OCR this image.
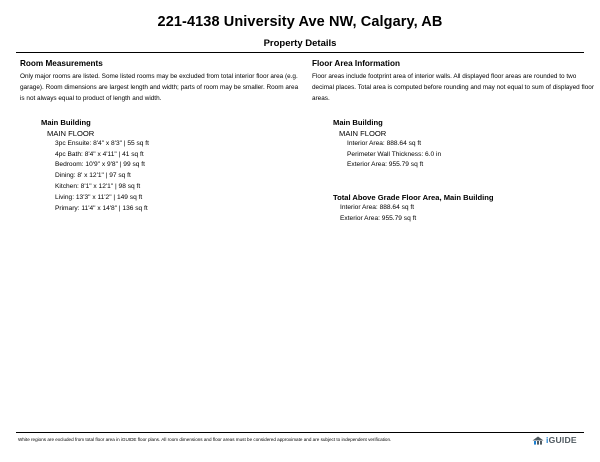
221-4138 University Ave NW, Calgary, AB
Property Details
Room Measurements

Only major rooms are listed. Some listed rooms may be excluded from total interior floor area (e.g. garage). Room dimensions are largest length and width; parts of room may be smaller. Room area is not always equal to product of length and width.

Main Building
MAIN FLOOR
3pc Ensuite: 8'4" x 8'3" | 55 sq ft
4pc Bath: 8'4" x 4'11" | 41 sq ft
Bedroom: 10'9" x 9'8" | 99 sq ft
Dining: 8' x 12'1" | 97 sq ft
Kitchen: 8'1" x 12'1" | 98 sq ft
Living: 13'3" x 11'2" | 149 sq ft
Primary: 11'4" x 14'8" | 136 sq ft
Floor Area Information

Floor areas include footprint area of interior walls. All displayed floor areas are rounded to two decimal places. Total area is computed before rounding and may not equal to sum of displayed floor areas.

Main Building
MAIN FLOOR
Interior Area: 888.64 sq ft
Perimeter Wall Thickness: 6.0 in
Exterior Area: 955.79 sq ft
Total Above Grade Floor Area, Main Building
Interior Area: 888.64 sq ft
Exterior Area: 955.79 sq ft
White regions are excluded from total floor area in iGUIDE floor plans. All room dimensions and floor areas must be considered approximate and are subject to independent verification.	iGUIDE
